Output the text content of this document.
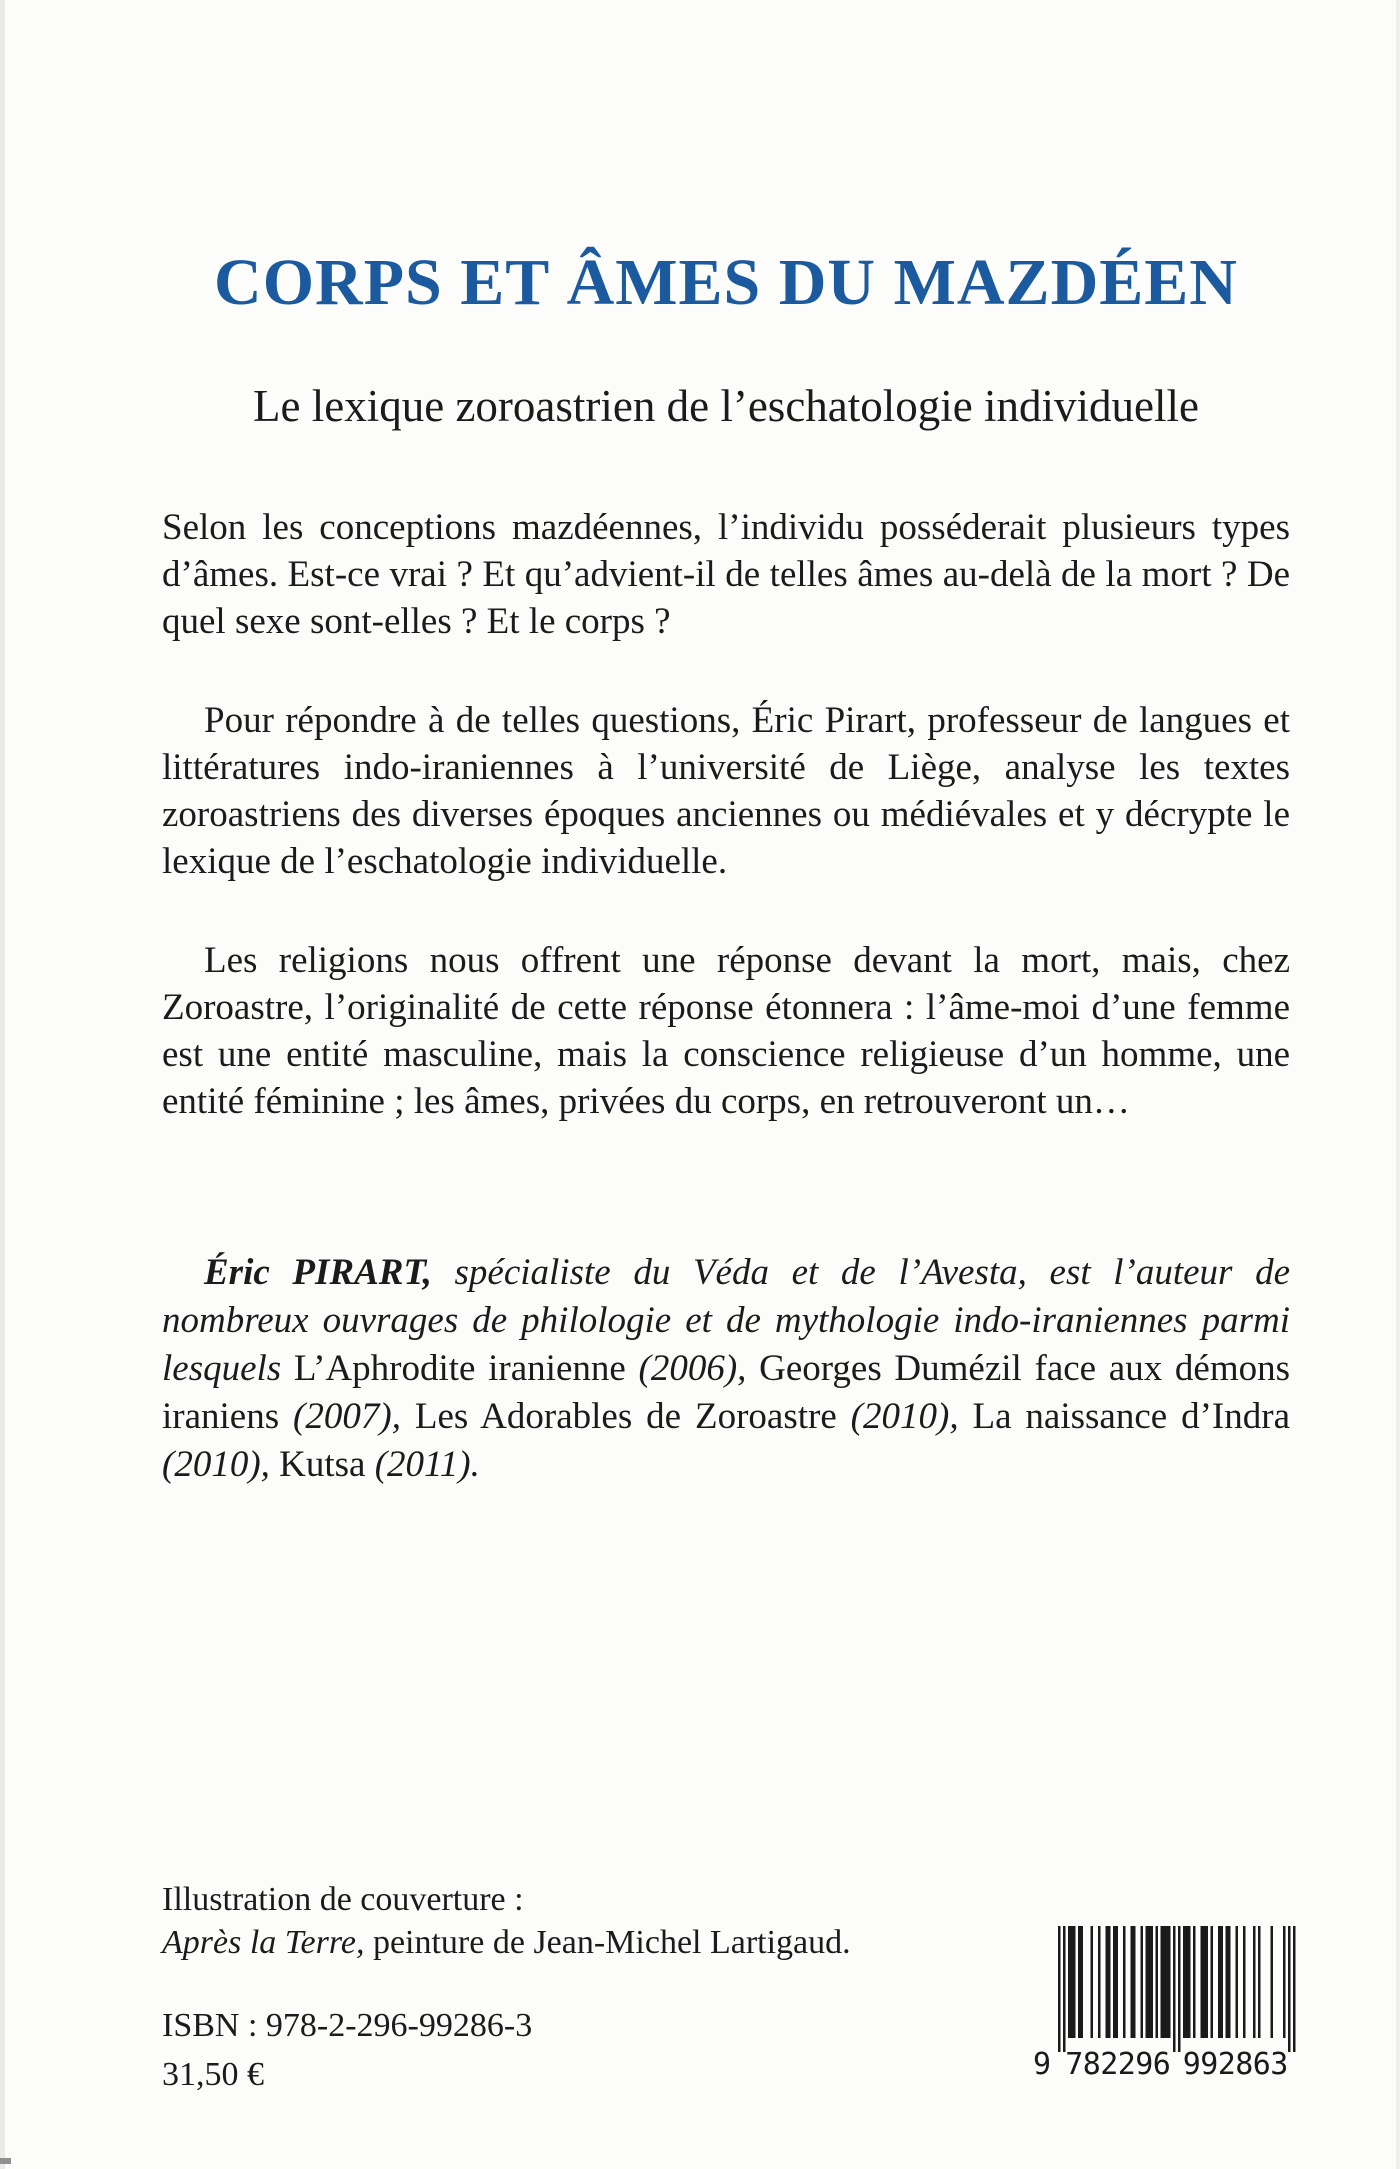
CORPS ET ÂMES DU MAZDÉEN
Le lexique zoroastrien de l’eschatologie individuelle

Selon les conceptions mazdéennes, l’individu posséderait plusieurs types d’âmes. Est-ce vrai ? Et qu’advient-il de telles âmes au-delà de la mort ? De quel sexe sont-elles ? Et le corps ?

Pour répondre à de telles questions, Éric Pirart, professeur de langues et littératures indo-iraniennes à l’université de Liège, analyse les textes zoroastriens des diverses époques anciennes ou médiévales et y décrypte le lexique de l’eschatologie individuelle.

Les religions nous offrent une réponse devant la mort, mais, chez Zoroastre, l’originalité de cette réponse étonnera : l’âme-moi d’une femme est une entité masculine, mais la conscience religieuse d’un homme, une entité féminine ; les âmes, privées du corps, en retrouveront un…

Éric PIRART, spécialiste du Véda et de l’Avesta, est l’auteur de nombreux ouvrages de philologie et de mythologie indo-iraniennes parmi lesquels L’Aphrodite iranienne (2006), Georges Dumézil face aux démons iraniens (2007), Les Adorables de Zoroastre (2010), La naissance d’Indra (2010), Kutsa (2011).

Illustration de couverture :
Après la Terre, peinture de Jean-Michel Lartigaud.
ISBN : 978-2-296-99286-3
31,50 €	9 7 8 2 2 9 6 9 9 2 8 6 3
